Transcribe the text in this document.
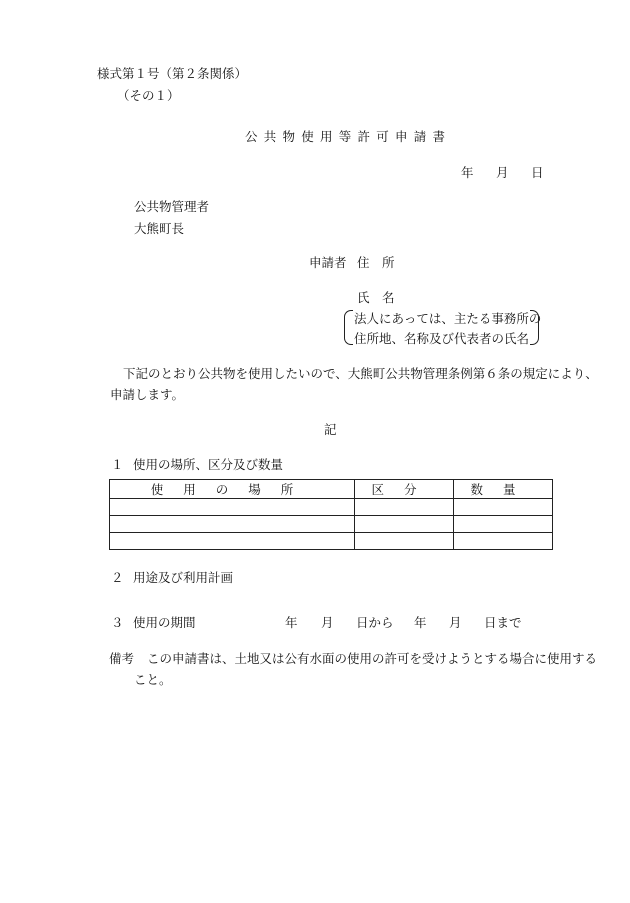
様式第１号（第２条関係）
（その１）
公共物使用等許可申請書
年 月 日
公共物管理者
大熊町長
申請者 住　所
氏　名
法人にあっては、主たる事務所の
住所地、名称及び代表者の氏名
下記のとおり公共物を使用したいので、大熊町公共物管理条例第６条の規定により、
申請します。
記
１ 使用の場所、区分及び数量
使用の場所	区分	数量

２ 用途及び利用計画
３ 使用の期間	年 月 日から 年 月 日まで
備考 この申請書は、土地又は公有水面の使用の許可を受けようとする場合に使用する
こと。
